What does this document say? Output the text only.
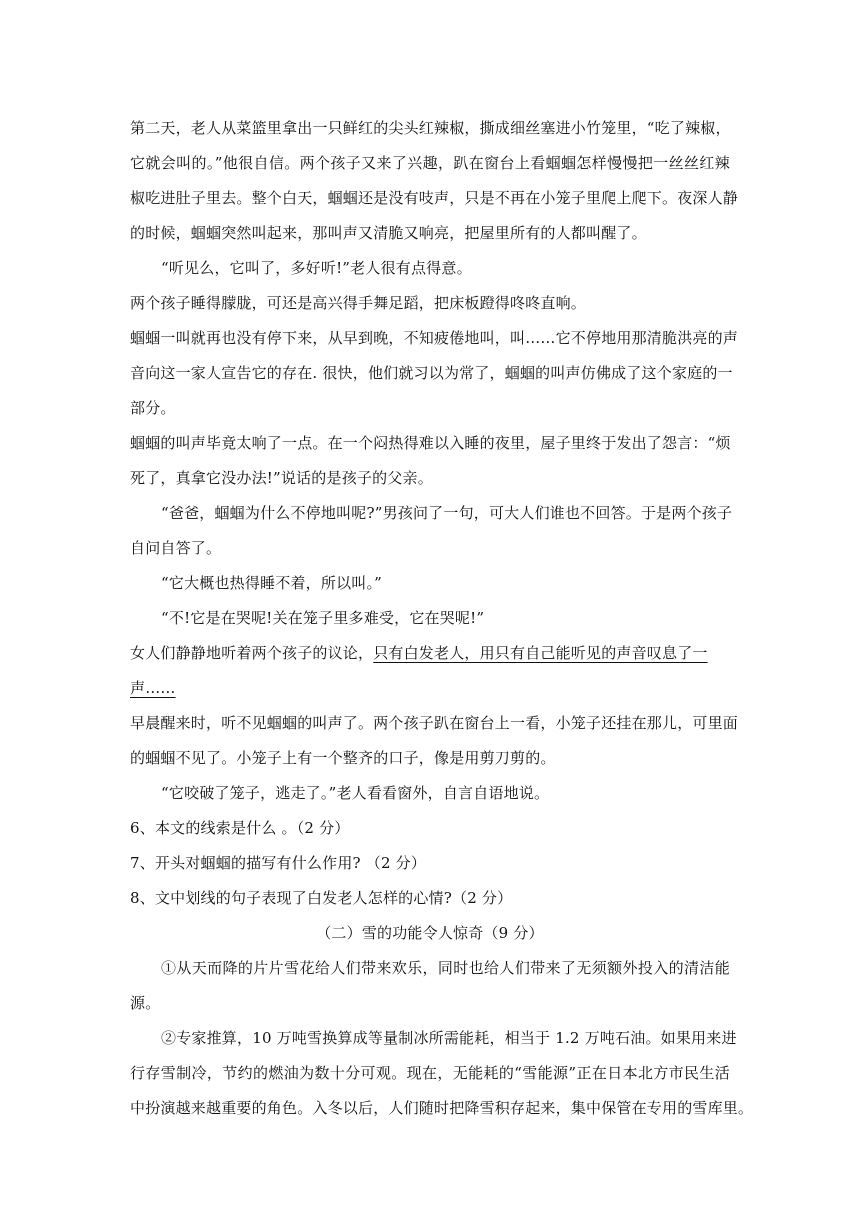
第二天，老人从菜篮里拿出一只鲜红的尖头红辣椒，撕成细丝塞进小竹笼里，“吃了辣椒，
它就会叫的。”他很自信。两个孩子又来了兴趣，趴在窗台上看蝈蝈怎样慢慢把一丝丝红辣
椒吃进肚子里去。整个白天，蝈蝈还是没有吱声，只是不再在小笼子里爬上爬下。夜深人静
的时候，蝈蝈突然叫起来，那叫声又清脆又响亮，把屋里所有的人都叫醒了。
“听见么，它叫了，多好听!”老人很有点得意。
两个孩子睡得朦胧，可还是高兴得手舞足蹈，把床板蹬得咚咚直响。
蝈蝈一叫就再也没有停下来，从早到晚，不知疲倦地叫，叫……它不停地用那清脆洪亮的声
音向这一家人宣告它的存在. 很快，他们就习以为常了，蝈蝈的叫声仿佛成了这个家庭的一
部分。
蝈蝈的叫声毕竟太响了一点。在一个闷热得难以入睡的夜里，屋子里终于发出了怨言：“烦
死了，真拿它没办法!”说话的是孩子的父亲。
“爸爸，蝈蝈为什么不停地叫呢?”男孩问了一句，可大人们谁也不回答。于是两个孩子
自问自答了。
“它大概也热得睡不着，所以叫。”
“不!它是在哭呢!关在笼子里多难受，它在哭呢!”
女人们静静地听着两个孩子的议论，只有白发老人，用只有自己能听见的声音叹息了一
声……
早晨醒来时，听不见蝈蝈的叫声了。两个孩子趴在窗台上一看，小笼子还挂在那儿，可里面
的蝈蝈不见了。小笼子上有一个整齐的口子，像是用剪刀剪的。
“它咬破了笼子，逃走了。”老人看看窗外，自言自语地说。
6、本文的线索是什么 。（2 分）
7、开头对蝈蝈的描写有什么作用? （2 分）
8、文中划线的句子表现了白发老人怎样的心情?（2 分）
（二）雪的功能令人惊奇（9 分）
①从天而降的片片雪花给人们带来欢乐，同时也给人们带来了无须额外投入的清洁能
源。
②专家推算，10 万吨雪换算成等量制冰所需能耗，相当于 1.2 万吨石油。如果用来进
行存雪制冷，节约的燃油为数十分可观。现在，无能耗的“雪能源”正在日本北方市民生活
中扮演越来越重要的角色。入冬以后，人们随时把降雪积存起来，集中保管在专用的雪库里。
